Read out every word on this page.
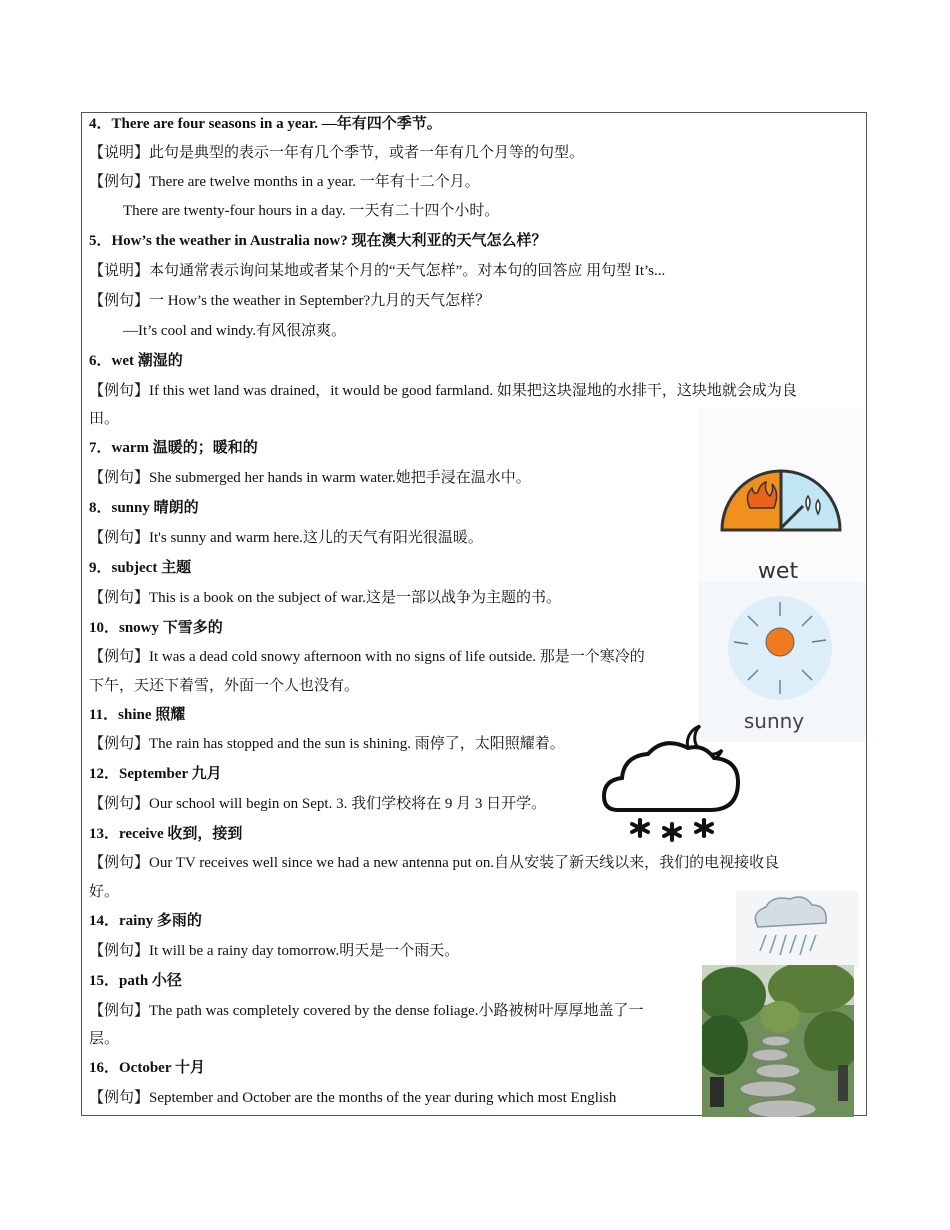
4．There are four seasons in a year. —年有四个季节。
【说明】此句是典型的表示一年有几个季节，或者一年有几个月等的句型。
【例句】There are twelve months in a year. 一年有十二个月。
There are twenty-four hours in a day. 一天有二十四个小时。
5．How’s the weather in Australia now? 现在澳大利亚的天气怎么样？
【说明】本句通常表示询问某地或者某个月的“天气怎样”。对本句的回答应 用句型 It’s...
【例句】一 How’s the weather in September?九月的天气怎样？
—It’s cool and windy.有风很凉爽。
6．wet 潮湿的
【例句】If this wet land was drained，it would be good farmland. 如果把这块湿地的水排干，这块地就会成为良
田。
7．warm 温暖的；暖和的
【例句】She submerged her hands in warm water.她把手浸在温水中。
8．sunny 晴朗的
【例句】It's sunny and warm here.这儿的天气有阳光很温暖。
9．subject 主题
【例句】This is a book on the subject of war.这是一部以战争为主题的书。
10．snowy 下雪多的
【例句】It was a dead cold snowy afternoon with no signs of life outside. 那是一个寒冷的
下午，天还下着雪，外面一个人也没有。
11．shine 照耀
【例句】The rain has stopped and the sun is shining. 雨停了，太阳照耀着。
12．September 九月
【例句】Our school will begin on Sept. 3. 我们学校将在 9 月 3 日开学。
13．receive 收到，接到
【例句】Our TV receives well since we had a new antenna put on.自从安装了新天线以来，我们的电视接收良
好。
14．rainy 多雨的
【例句】It will be a rainy day tomorrow.明天是一个雨天。
15．path 小径
【例句】The path was completely covered by the dense foliage.小路被树叶厚厚地盖了一
层。
16．October 十月
【例句】September and October are the months of the year during which most English
wet
sunny
